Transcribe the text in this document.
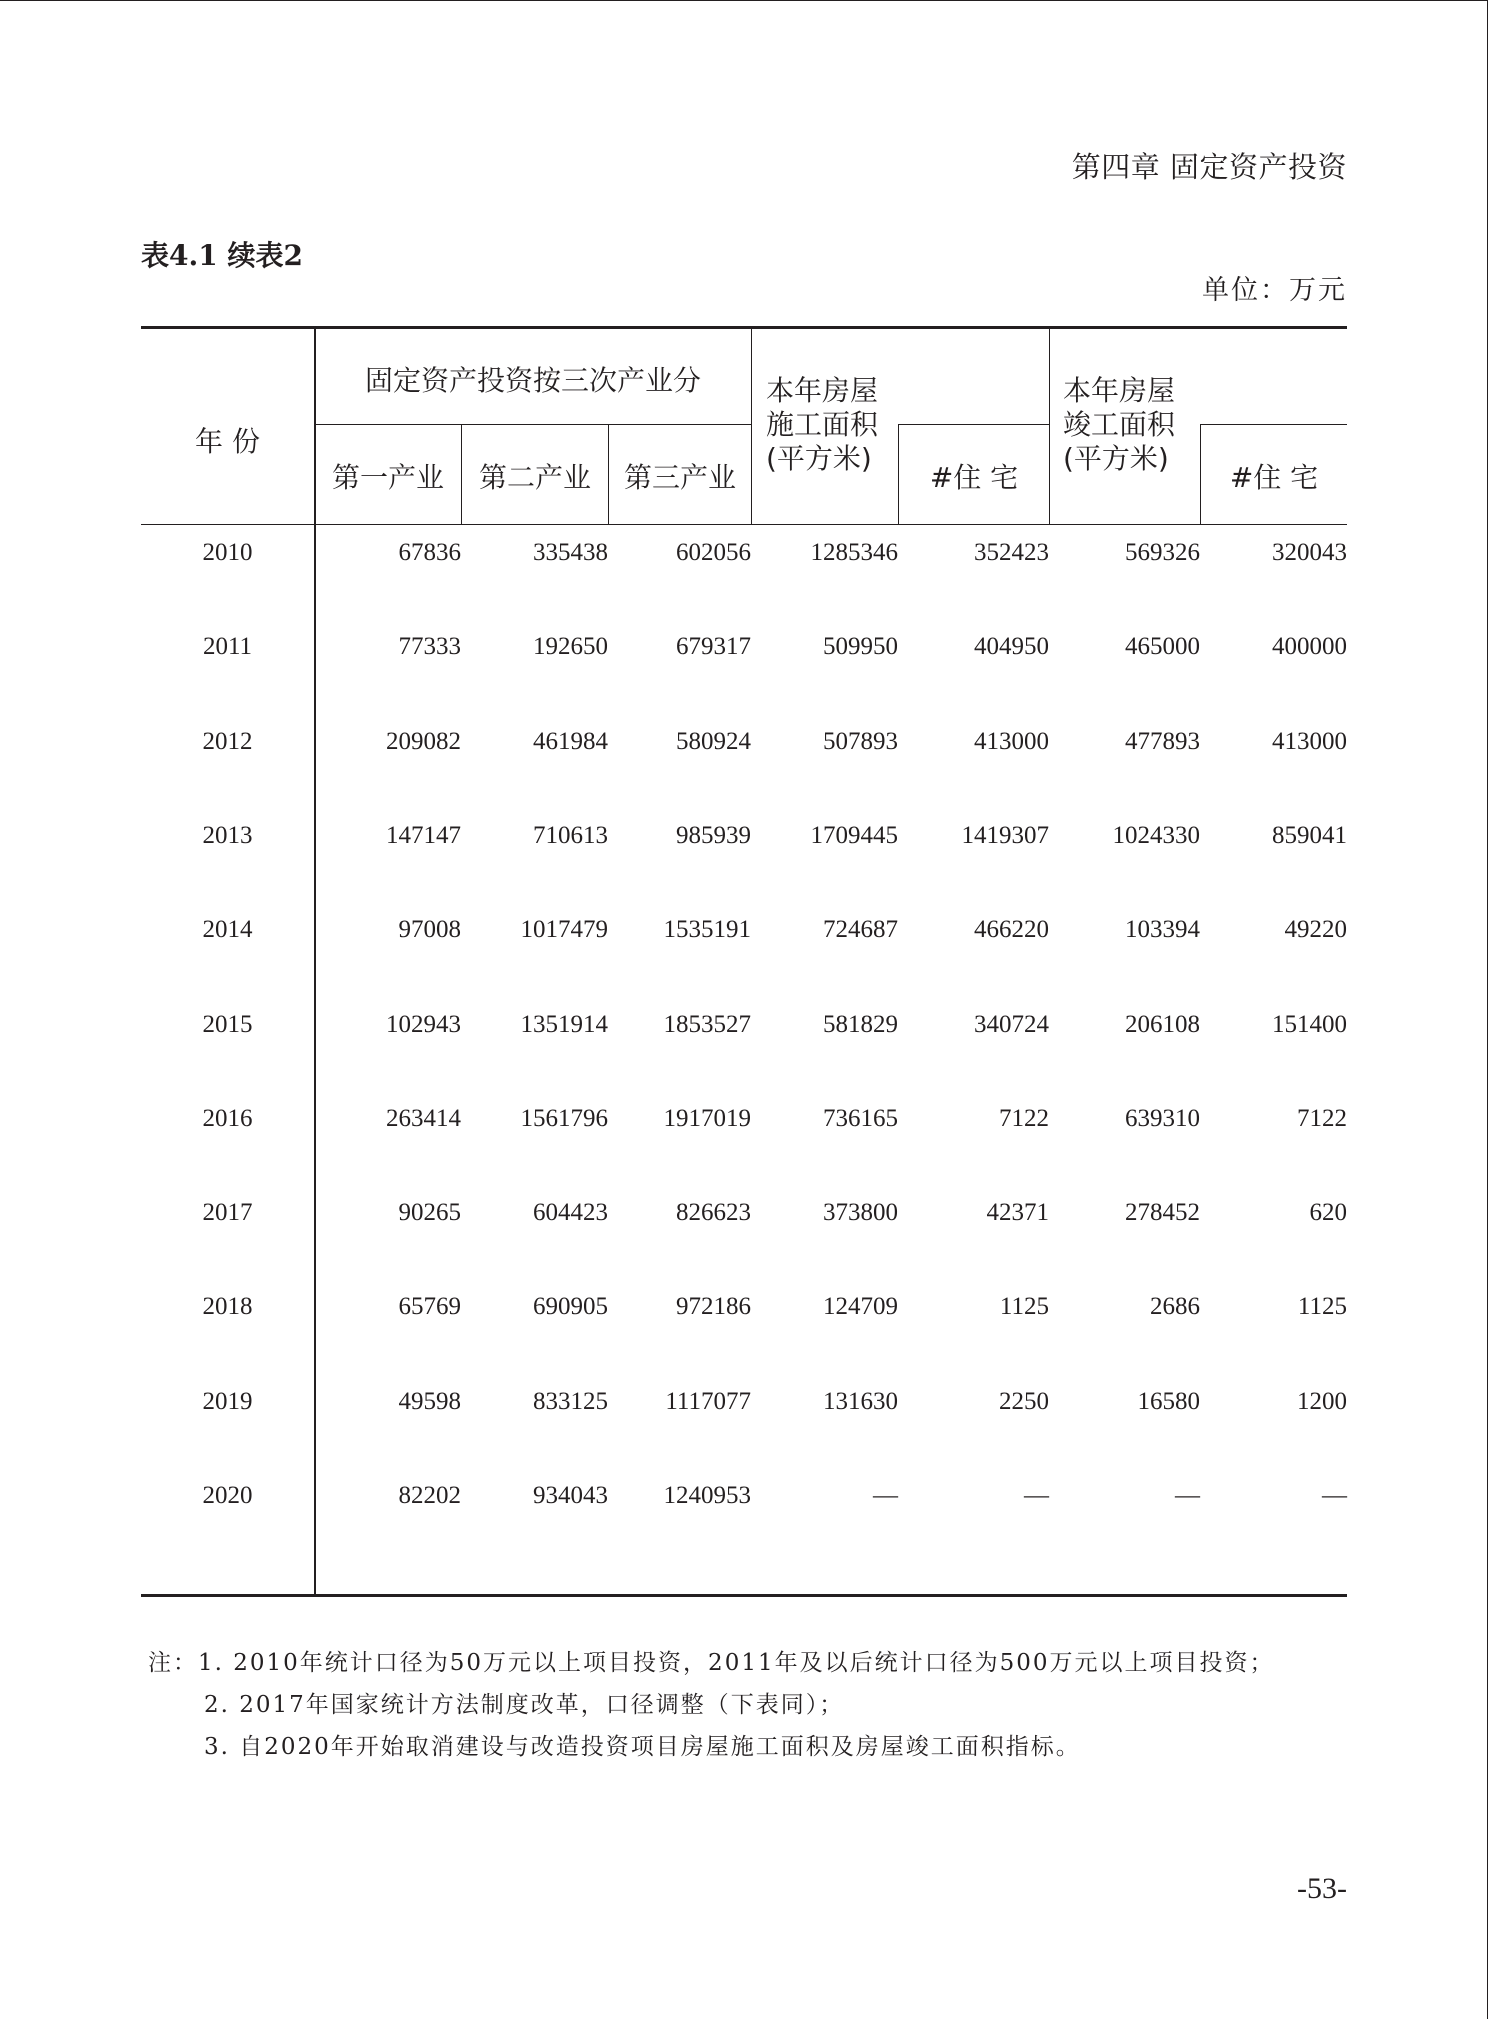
第四章 固定资产投资
表4.1 续表2
单位：万元
年 份
固定资产投资按三次产业分
第一产业	第二产业	第三产业
本年房屋
施工面积
(平方米)
#住 宅
本年房屋
竣工面积
(平方米)
#住 宅
2010	67836	335438	602056	1285346	352423	569326	320043
2011	77333	192650	679317	509950	404950	465000	400000
2012	209082	461984	580924	507893	413000	477893	413000
2013	147147	710613	985939	1709445	1419307	1024330	859041
2014	97008	1017479	1535191	724687	466220	103394	49220
2015	102943	1351914	1853527	581829	340724	206108	151400
2016	263414	1561796	1917019	736165	7122	639310	7122
2017	90265	604423	826623	373800	42371	278452	620
2018	65769	690905	972186	124709	1125	2686	1125
2019	49598	833125	1117077	131630	2250	16580	1200
2020	82202	934043	1240953	—	—	—	—
注：1. 2010年统计口径为50万元以上项目投资，2011年及以后统计口径为500万元以上项目投资；
2. 2017年国家统计方法制度改革，口径调整（下表同）；
3. 自2020年开始取消建设与改造投资项目房屋施工面积及房屋竣工面积指标。
-53-
